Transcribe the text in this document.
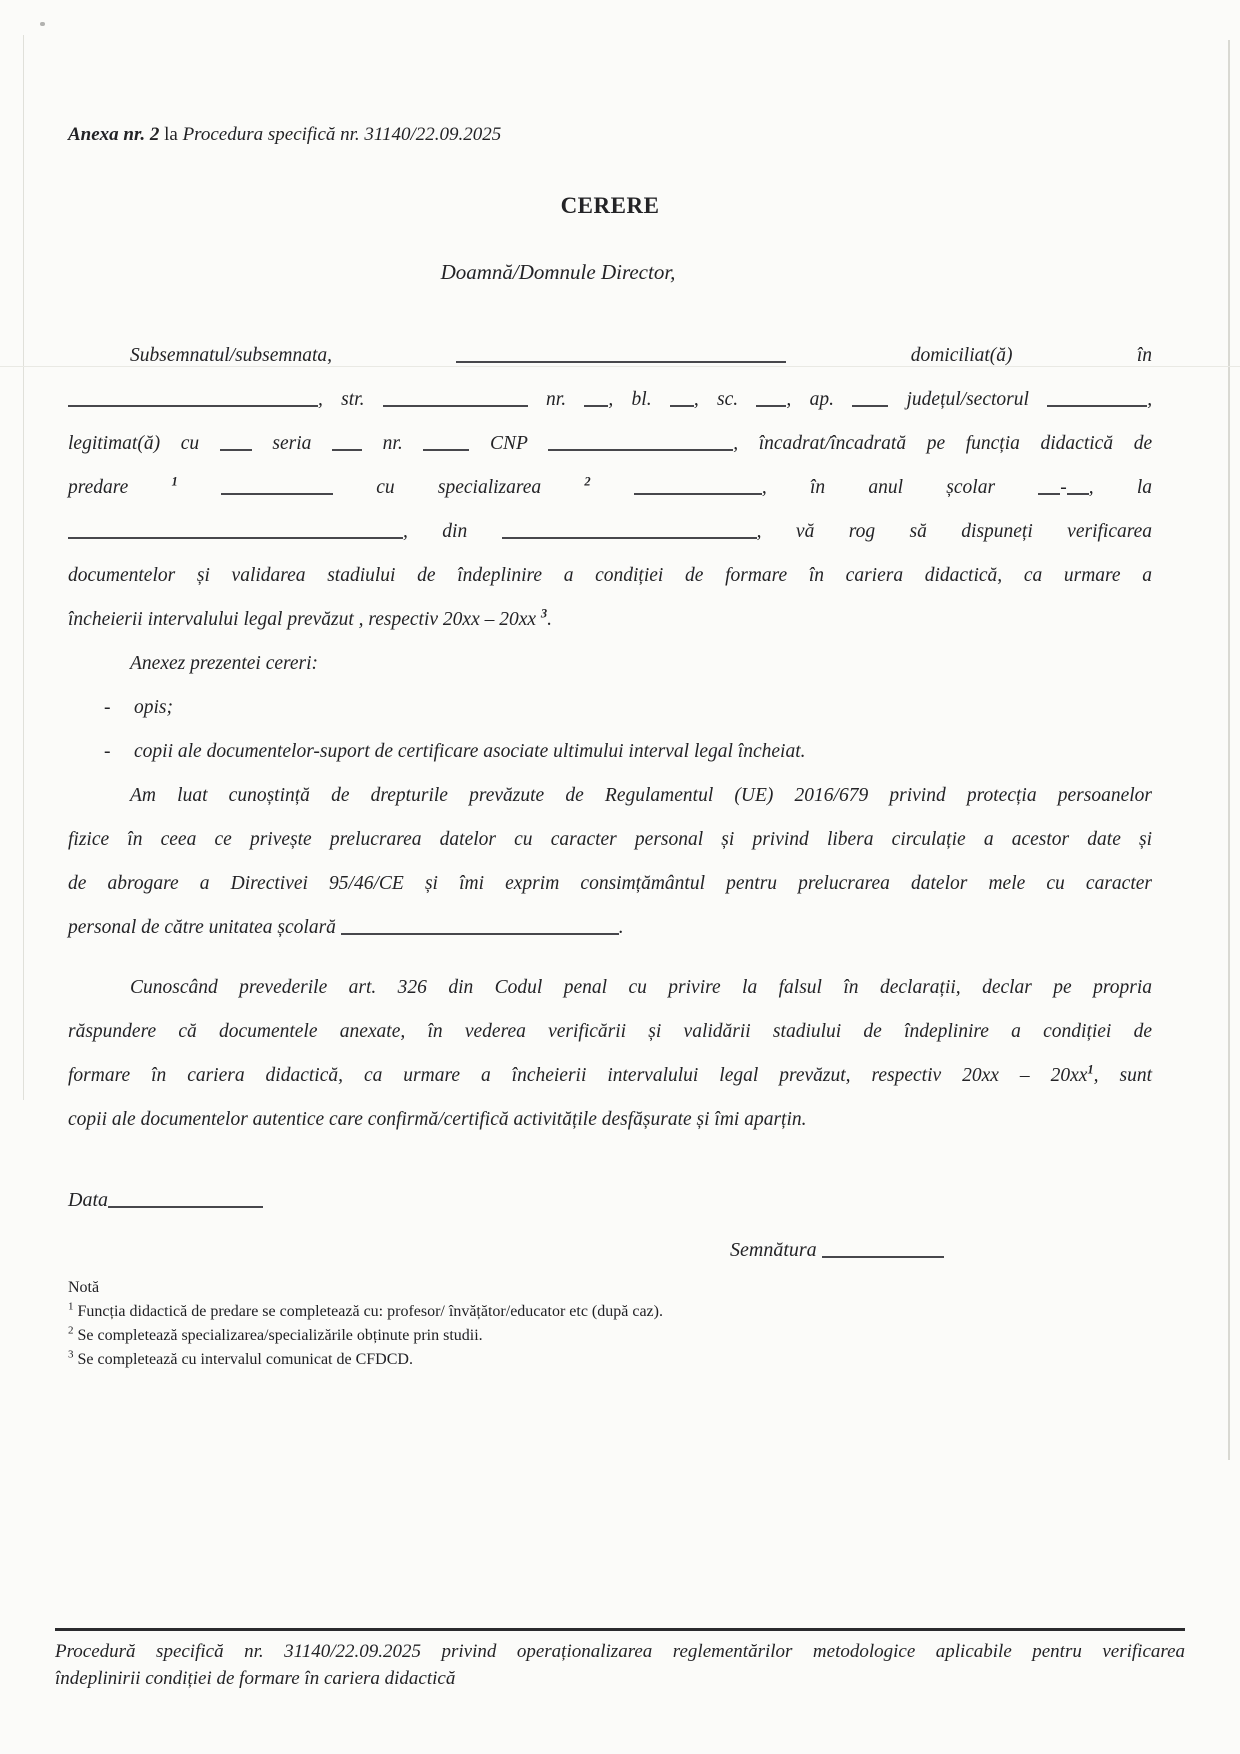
Anexa nr. 2 la Procedura specifică nr. 31140/22.09.2025
CERERE
Doamnă/Domnule Director,
Subsemnatul/subsemnata,	domiciliat(ă)	în
, str.	nr. , bl. , sc. , ap.	județul/sectorul	,
legitimat(ă) cu	seria	nr.	CNP	, încadrat/încadrată pe funcția didactică de
predare	$^1$	cu specializarea	$^2$	, în anul școlar	- , la
, din	, vă rog să dispuneți verificarea
documentelor și validarea stadiului de îndeplinire a condiției de formare în cariera didactică, ca urmare a
încheierii intervalului legal prevăzut , respectiv 20xx – 20xx $^3$.
Anexez prezentei cereri:
-	opis;
-	copii ale documentelor-suport de certificare asociate ultimului interval legal încheiat.
Am luat cunoștință de drepturile prevăzute de Regulamentul (UE) 2016/679 privind protecția persoanelor
fizice în ceea ce privește prelucrarea datelor cu caracter personal și privind libera circulație a acestor date și
de abrogare a Directivei 95/46/CE și îmi exprim consimțământul pentru prelucrarea datelor mele cu caracter
personal de către unitatea școlară	.
Cunoscând prevederile art. 326 din Codul penal cu privire la falsul în declarații, declar pe propria
răspundere că documentele anexate, în vederea verificării și validării stadiului de îndeplinire a condiției de
formare în cariera didactică, ca urmare a încheierii intervalului legal prevăzut, respectiv 20xx – 20xx$^1$, sunt
copii ale documentelor autentice care confirmă/certifică activitățile desfășurate și îmi aparțin.
Data
Semnătura
Notă
$^1$ Funcția didactică de predare se completează cu: profesor/ învățător/educator etc (după caz).
$^2$ Se completează specializarea/specializările obținute prin studii.
$^3$ Se completează cu intervalul comunicat de CFDCD.
Procedură specifică nr. 31140/22.09.2025 privind operaționalizarea reglementărilor metodologice aplicabile pentru verificarea
îndeplinirii condiției de formare în cariera didactică
